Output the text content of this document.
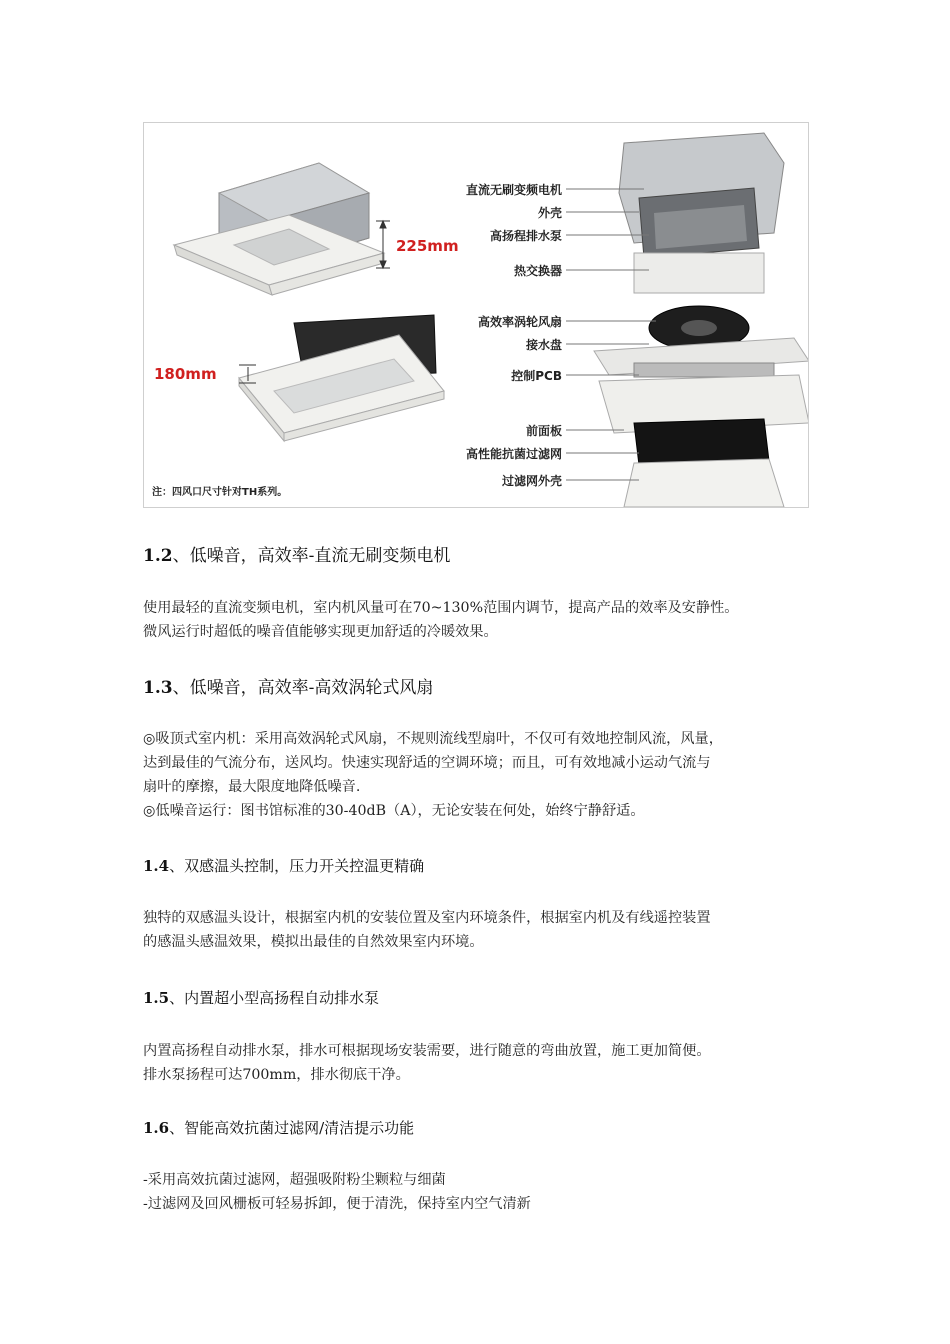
225mm
180mm
直流无刷变频电机
外壳
高扬程排水泵
热交换器
高效率涡轮风扇
接水盘
控制PCB
前面板
高性能抗菌过滤网
过滤网外壳
注：四风口尺寸针对TH系列。
1.2、低噪音，高效率-直流无刷变频电机
使用最轻的直流变频电机，室内机风量可在70~130%范围内调节，提高产品的效率及安静性。
微风运行时超低的噪音值能够实现更加舒适的冷暖效果。
1.3、低噪音，高效率-高效涡轮式风扇
◎吸顶式室内机：采用高效涡轮式风扇，不规则流线型扇叶，不仅可有效地控制风流，风量，
达到最佳的气流分布，送风均。快速实现舒适的空调环境；而且，可有效地减小运动气流与
扇叶的摩擦，最大限度地降低噪音.
◎低噪音运行：图书馆标准的30-40dB（A），无论安装在何处，始终宁静舒适。
1.4、双感温头控制，压力开关控温更精确
独特的双感温头设计，根据室内机的安装位置及室内环境条件，根据室内机及有线遥控装置
的感温头感温效果，模拟出最佳的自然效果室内环境。
1.5、内置超小型高扬程自动排水泵
内置高扬程自动排水泵，排水可根据现场安装需要，进行随意的弯曲放置，施工更加简便。
排水泵扬程可达700mm，排水彻底干净。
1.6、智能高效抗菌过滤网/清洁提示功能
-采用高效抗菌过滤网，超强吸附粉尘颗粒与细菌
-过滤网及回风栅板可轻易拆卸，便于清洗，保持室内空气清新
